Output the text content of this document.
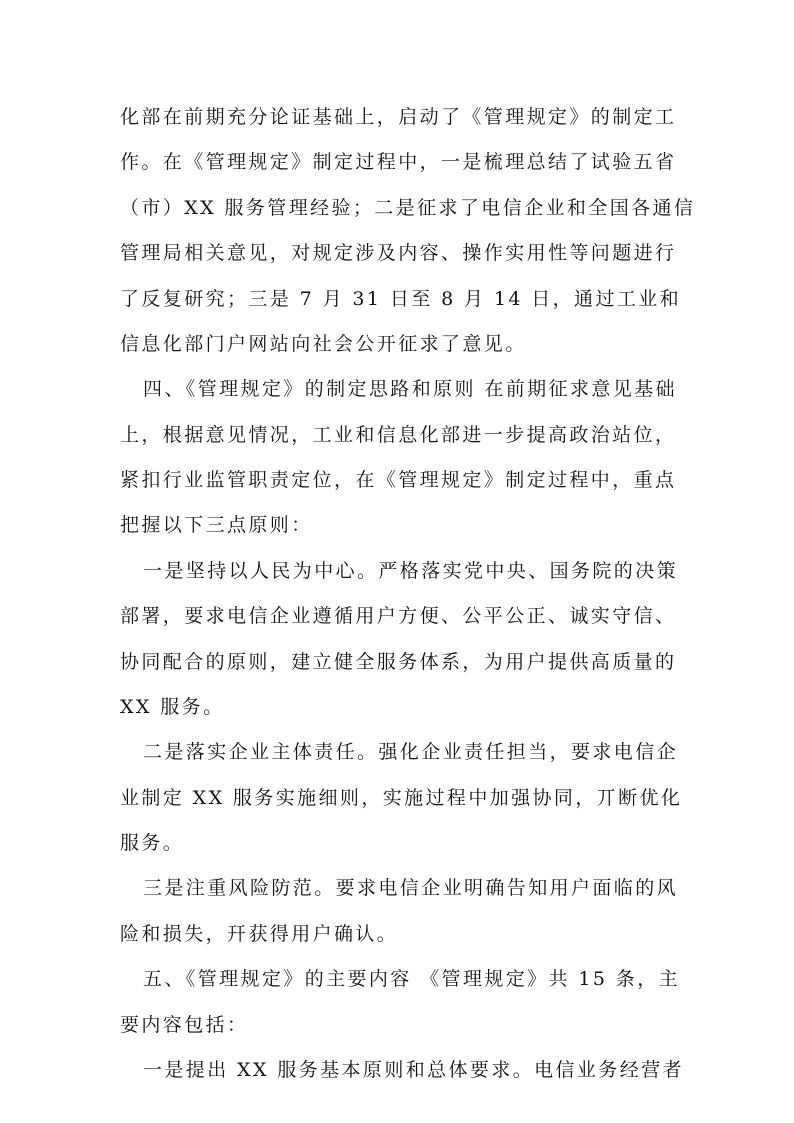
化部在前期充分论证基础上，启动了《管理规定》的制定工
作。在《管理规定》制定过程中，一是梳理总结了试验五省
（市）XX 服务管理经验；二是征求了电信企业和全国各通信
管理局相关意见，对规定涉及内容、操作实用性等问题进行
了反复研究；三是 7 月 31 日至 8 月 14 日，通过工业和
信息化部门户网站向社会公开征求了意见。
四、《管理规定》的制定思路和原则 在前期征求意见基础
上，根据意见情况，工业和信息化部进一步提高政治站位，
紧扣行业监管职责定位，在《管理规定》制定过程中，重点
把握以下三点原则：
一是坚持以人民为中心。严格落实党中央、国务院的决策
部署，要求电信企业遵循用户方便、公平公正、诚实守信、
协同配合的原则，建立健全服务体系，为用户提供高质量的
XX 服务。
二是落实企业主体责任。强化企业责任担当，要求电信企
业制定 XX 服务实施细则，实施过程中加强协同，丌断优化
服务。
三是注重风险防范。要求电信企业明确告知用户面临的风
险和损失，幵获得用户确认。
五、《管理规定》的主要内容 《管理规定》共 15 条，主
要内容包括：
一是提出 XX 服务基本原则和总体要求。电信业务经营者
